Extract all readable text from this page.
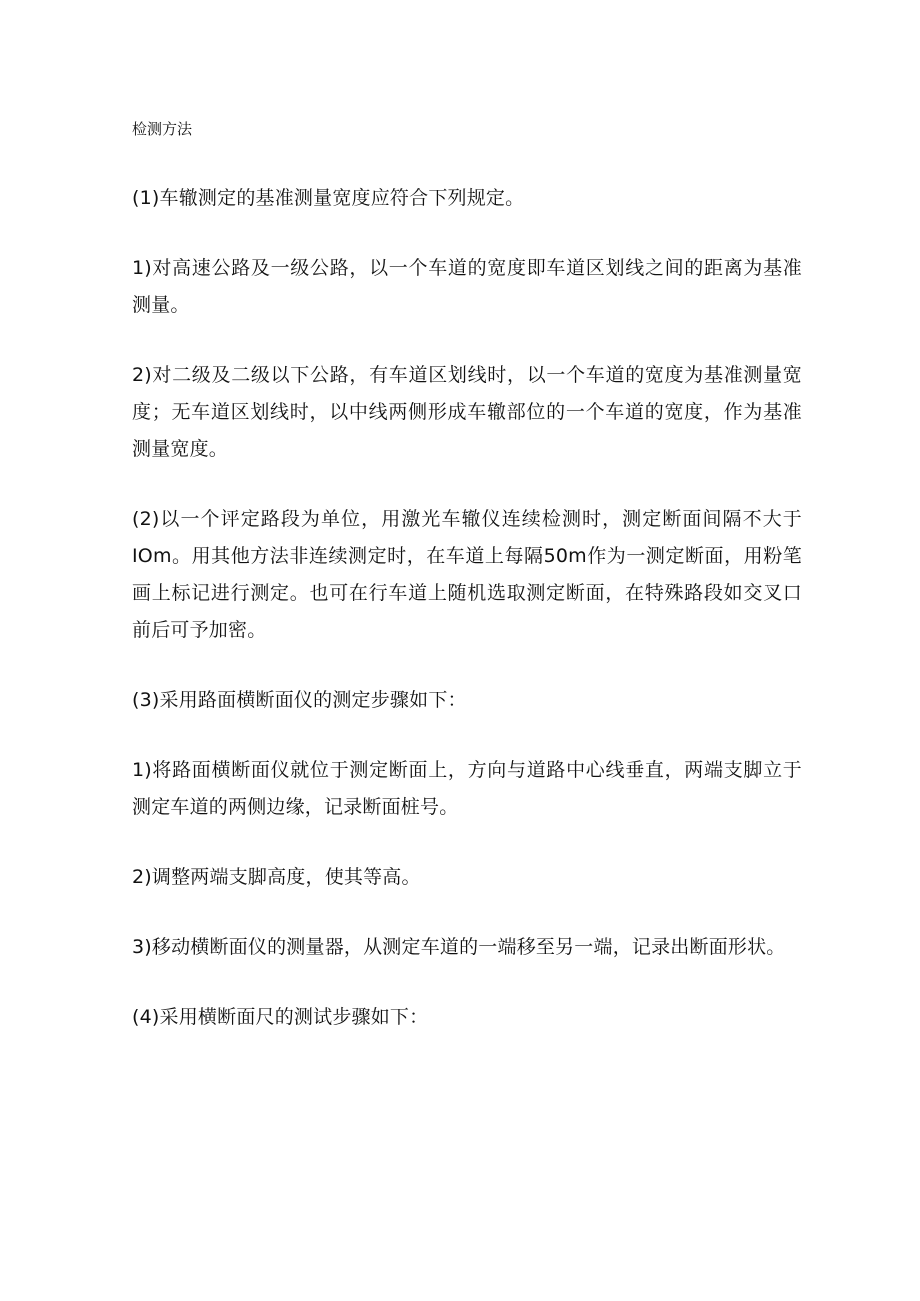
检测方法

(1)车辙测定的基准测量宽度应符合下列规定。

1)对高速公路及一级公路，以一个车道的宽度即车道区划线之间的距离为基准测量。

2)对二级及二级以下公路，有车道区划线时，以一个车道的宽度为基准测量宽度；无车道区划线时，以中线两侧形成车辙部位的一个车道的宽度，作为基准测量宽度。

(2)以一个评定路段为单位，用激光车辙仪连续检测时，测定断面间隔不大于IOm。用其他方法非连续测定时，在车道上每隔50m作为一测定断面，用粉笔画上标记进行测定。也可在行车道上随机选取测定断面，在特殊路段如交叉口前后可予加密。

(3)采用路面横断面仪的测定步骤如下：

1)将路面横断面仪就位于测定断面上，方向与道路中心线垂直，两端支脚立于测定车道的两侧边缘，记录断面桩号。

2)调整两端支脚高度，使其等高。

3)移动横断面仪的测量器，从测定车道的一端移至另一端，记录出断面形状。

(4)采用横断面尺的测试步骤如下：
